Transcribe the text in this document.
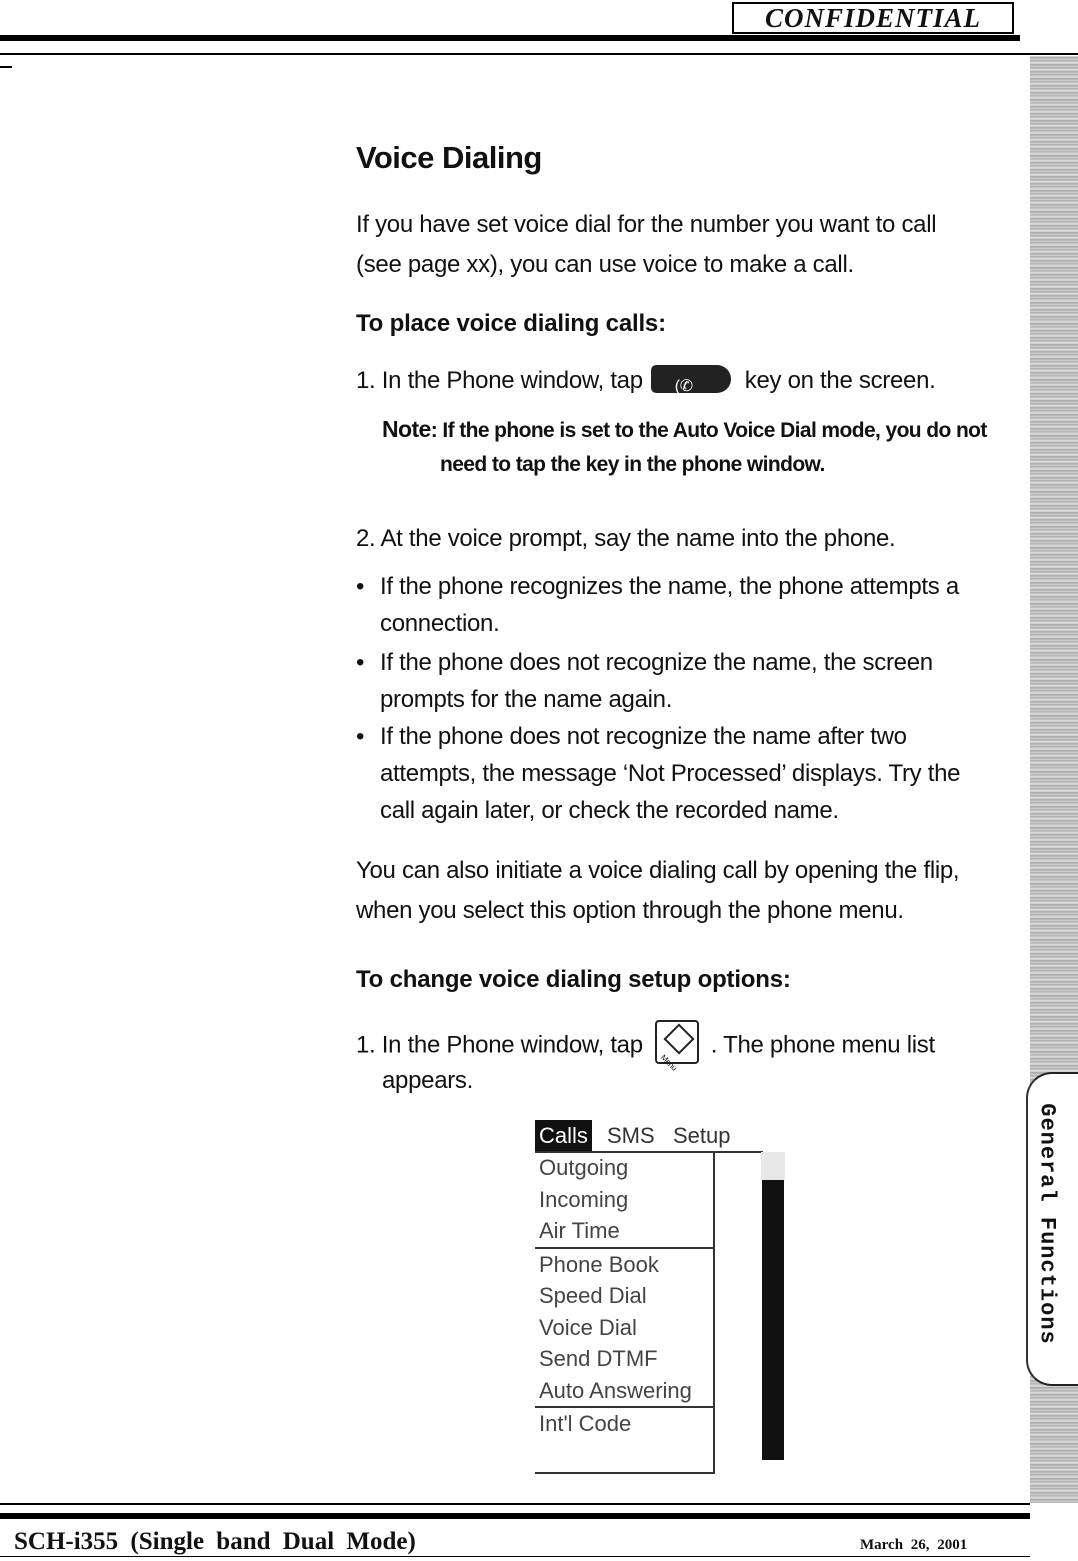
CONFIDENTIAL
General Functions
Voice Dialing
If you have set voice dial for the number you want to call
(see page xx), you can use voice to make a call.
To place voice dialing calls:
1. In the Phone window, tap (✆	key on the screen.
Note: If the phone is set to the Auto Voice Dial mode, you do not
need to tap the key in the phone window.
2. At the voice prompt, say the name into the phone.
• If the phone recognizes the name, the phone attempts a
connection.
• If the phone does not recognize the name, the screen
prompts for the name again.
• If the phone does not recognize the name after two
attempts, the message ‘Not Processed’ displays. Try the
call again later, or check the recorded name.
You can also initiate a voice dialing call by opening the flip,
when you select this option through the phone menu.
To change voice dialing setup options:
1. In the Phone window, tap Menu	. The phone menu list
appears.
Calls SMS Setup
Outgoing
Incoming
Air Time
Phone Book
Speed Dial
Voice Dial
Send DTMF
Auto Answering
Int'l Code
SCH-i355 (Single band Dual Mode)	March 26, 2001
